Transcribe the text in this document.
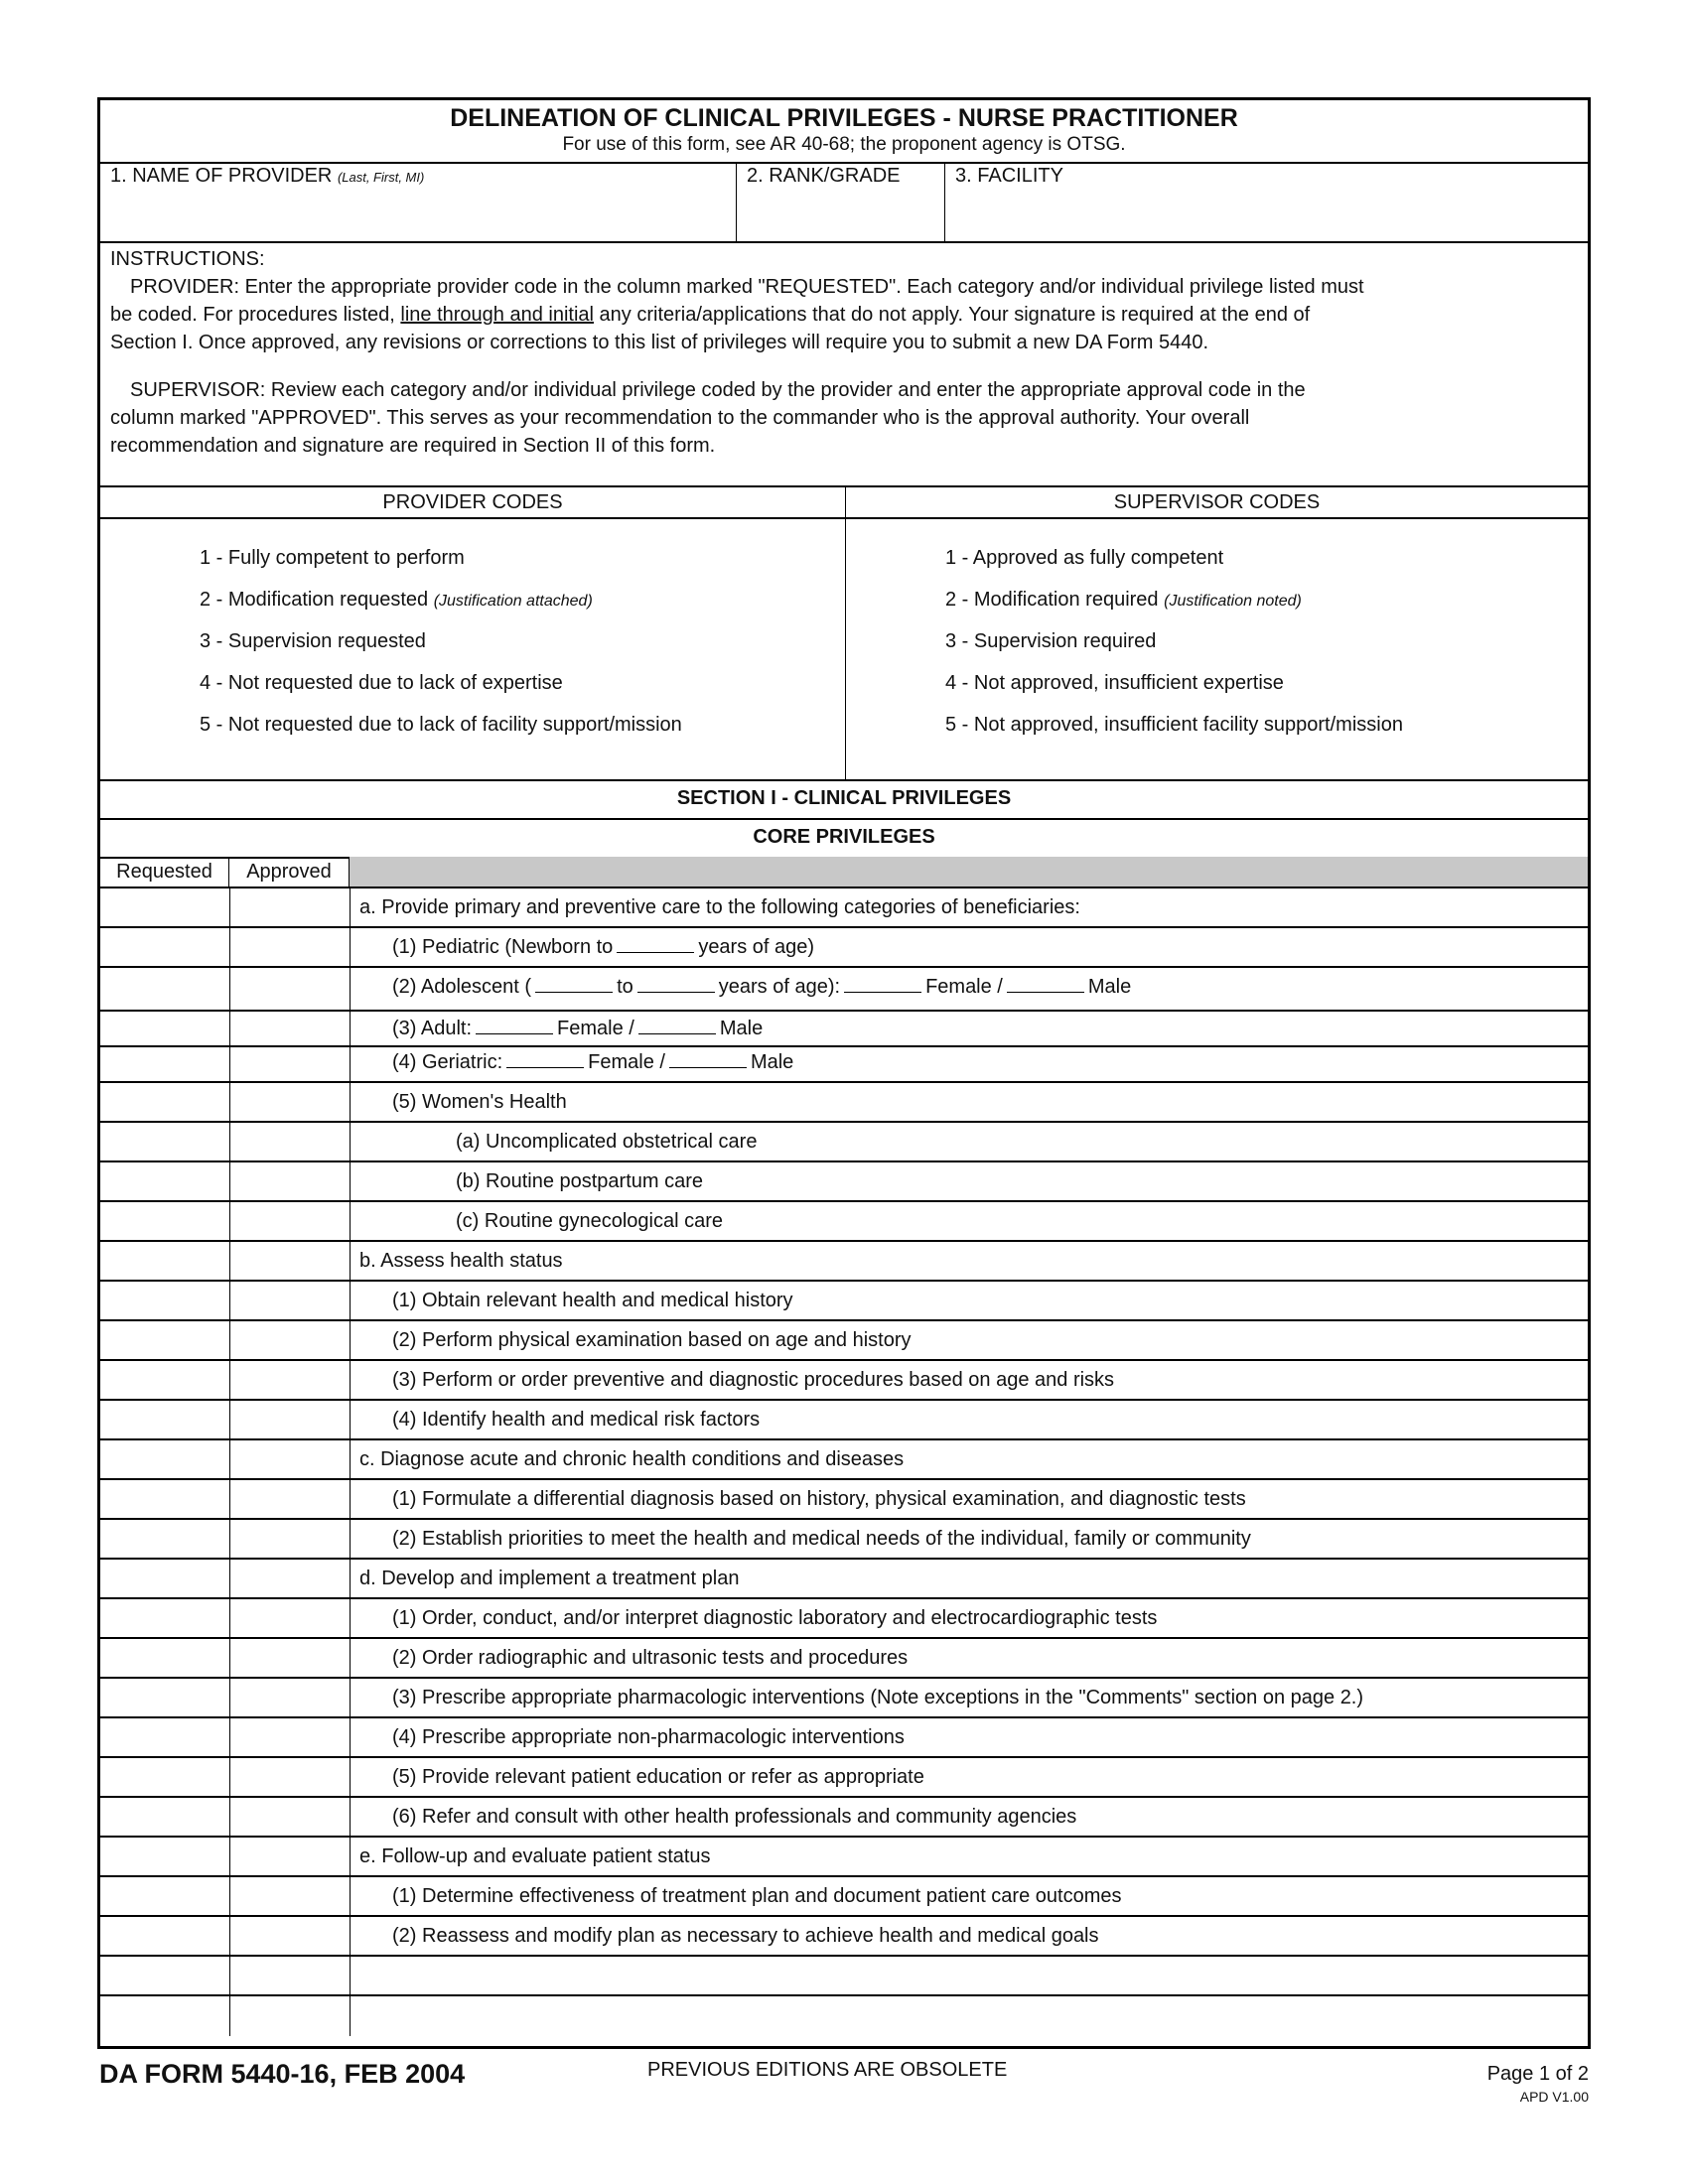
DELINEATION OF CLINICAL PRIVILEGES - NURSE PRACTITIONER
For use of this form, see AR 40-68; the proponent agency is OTSG.
1. NAME OF PROVIDER (Last, First, MI)	2. RANK/GRADE	3. FACILITY

INSTRUCTIONS:

PROVIDER: Enter the appropriate provider code in the column marked "REQUESTED". Each category and/or individual privilege listed must

be coded. For procedures listed, line through and initial any criteria/applications that do not apply. Your signature is required at the end of

Section I. Once approved, any revisions or corrections to this list of privileges will require you to submit a new DA Form 5440.

SUPERVISOR: Review each category and/or individual privilege coded by the provider and enter the appropriate approval code in the

column marked "APPROVED". This serves as your recommendation to the commander who is the approval authority. Your overall

recommendation and signature are required in Section II of this form.

PROVIDER CODES
1 - Fully competent to perform
2 - Modification requested (Justification attached)
3 - Supervision requested
4 - Not requested due to lack of expertise
5 - Not requested due to lack of facility support/mission
SUPERVISOR CODES
1 - Approved as fully competent
2 - Modification required (Justification noted)
3 - Supervision required
4 - Not approved, insufficient expertise
5 - Not approved, insufficient facility support/mission
SECTION I - CLINICAL PRIVILEGES
CORE PRIVILEGES
Requested	Approved
a. Provide primary and preventive care to the following categories of beneficiaries:
(1) Pediatric (Newborn to	years of age)
(2) Adolescent (	to	years of age):	Female /	Male
(3) Adult:	Female /	Male
(4) Geriatric:	Female /	Male
(5) Women's Health
(a) Uncomplicated obstetrical care
(b) Routine postpartum care
(c) Routine gynecological care
b. Assess health status
(1) Obtain relevant health and medical history
(2) Perform physical examination based on age and history
(3) Perform or order preventive and diagnostic procedures based on age and risks
(4) Identify health and medical risk factors
c. Diagnose acute and chronic health conditions and diseases
(1) Formulate a differential diagnosis based on history, physical examination, and diagnostic tests
(2) Establish priorities to meet the health and medical needs of the individual, family or community
d. Develop and implement a treatment plan
(1) Order, conduct, and/or interpret diagnostic laboratory and electrocardiographic tests
(2) Order radiographic and ultrasonic tests and procedures
(3) Prescribe appropriate pharmacologic interventions (Note exceptions in the "Comments" section on page 2.)
(4) Prescribe appropriate non-pharmacologic interventions
(5) Provide relevant patient education or refer as appropriate
(6) Refer and consult with other health professionals and community agencies
e. Follow-up and evaluate patient status
(1) Determine effectiveness of treatment plan and document patient care outcomes
(2) Reassess and modify plan as necessary to achieve health and medical goals
DA FORM 5440-16, FEB 2004	PREVIOUS EDITIONS ARE OBSOLETE	Page 1 of 2
APD V1.00
